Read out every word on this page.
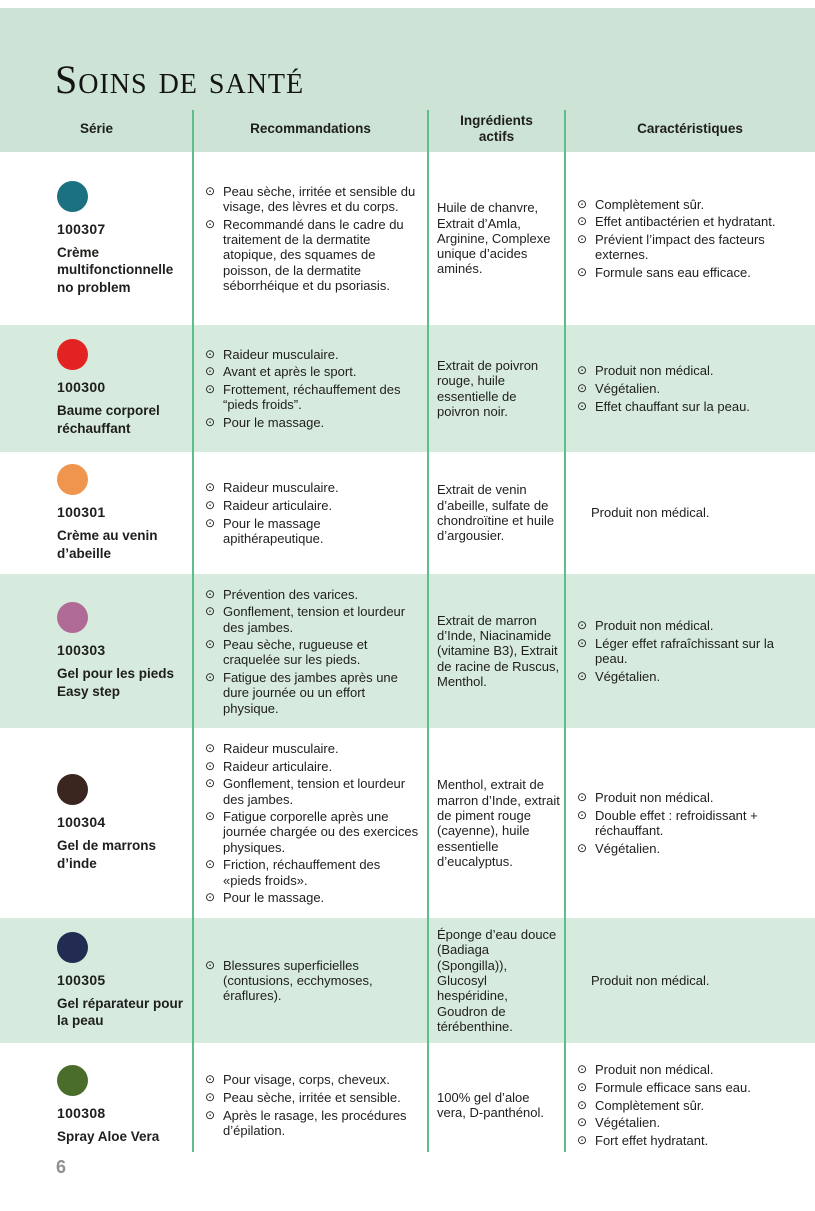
Soins de santé
Série	Recommandations
Ingrédients actifs
Caractéristiques
100307
Crème multifonctionnelle no problem
⊙ Peau sèche, irritée et sensible du visage, des lèvres et du corps.
⊙ Recommandé dans le cadre du traitement de la dermatite atopique, des squames de poisson, de la dermatite séborrhéique et du psoriasis.
Huile de chanvre, Extrait d’Amla, Arginine, Complexe unique d’acides aminés.
⊙ Complètement sûr.
⊙ Effet antibactérien et hydratant.
⊙ Prévient l’impact des facteurs externes.
⊙ Formule sans eau efficace.
100300
Baume corporel réchauffant
⊙ Raideur musculaire.
⊙ Avant et après le sport.
⊙ Frottement, réchauffement des “pieds froids”.
⊙ Pour le massage.
Extrait de poivron rouge, huile essentielle de poivron noir.
⊙ Produit non médical.
⊙ Végétalien.
⊙ Effet chauffant sur la peau.
100301
Crème au venin d’abeille
⊙ Raideur musculaire.
⊙ Raideur articulaire.
⊙ Pour le massage apithérapeutique.
Extrait de venin d’abeille, sulfate de chondroïtine et huile d’argousier.
Produit non médical.
100303
Gel pour les pieds Easy step
⊙ Prévention des varices.
⊙ Gonflement, tension et lourdeur des jambes.
⊙ Peau sèche, rugueuse et craquelée sur les pieds.
⊙ Fatigue des jambes après une dure journée ou un effort physique.
Extrait de marron d’Inde, Niacinamide (vitamine B3), Extrait de racine de Ruscus, Menthol.
⊙ Produit non médical.
⊙ Léger effet rafraîchissant sur la peau.
⊙ Végétalien.
100304
Gel de marrons d’inde
⊙ Raideur musculaire.
⊙ Raideur articulaire.
⊙ Gonflement, tension et lourdeur des jambes.
⊙ Fatigue corporelle après une journée chargée ou des exercices physiques.
⊙ Friction, réchauffement des «pieds froids».
⊙ Pour le massage.
Menthol, extrait de marron d’Inde, extrait de piment rouge (cayenne), huile essentielle d’eucalyptus.
⊙ Produit non médical.
⊙ Double effet : refroidissant + réchauffant.
⊙ Végétalien.
100305
Gel réparateur pour la peau
⊙ Blessures superficielles (contusions, ecchymoses, éraflures).
Éponge d’eau douce (Badiaga (Spongilla)), Glucosyl hespéridine, Goudron de térébenthine.
Produit non médical.
100308
Spray Aloe Vera
⊙ Pour visage, corps, cheveux.
⊙ Peau sèche, irritée et sensible.
⊙ Après le rasage, les procédures d’épilation.
100% gel d’aloe vera, D-panthénol.
⊙ Produit non médical.
⊙ Formule efficace sans eau.
⊙ Complètement sûr.
⊙ Végétalien.
⊙ Fort effet hydratant.
6
